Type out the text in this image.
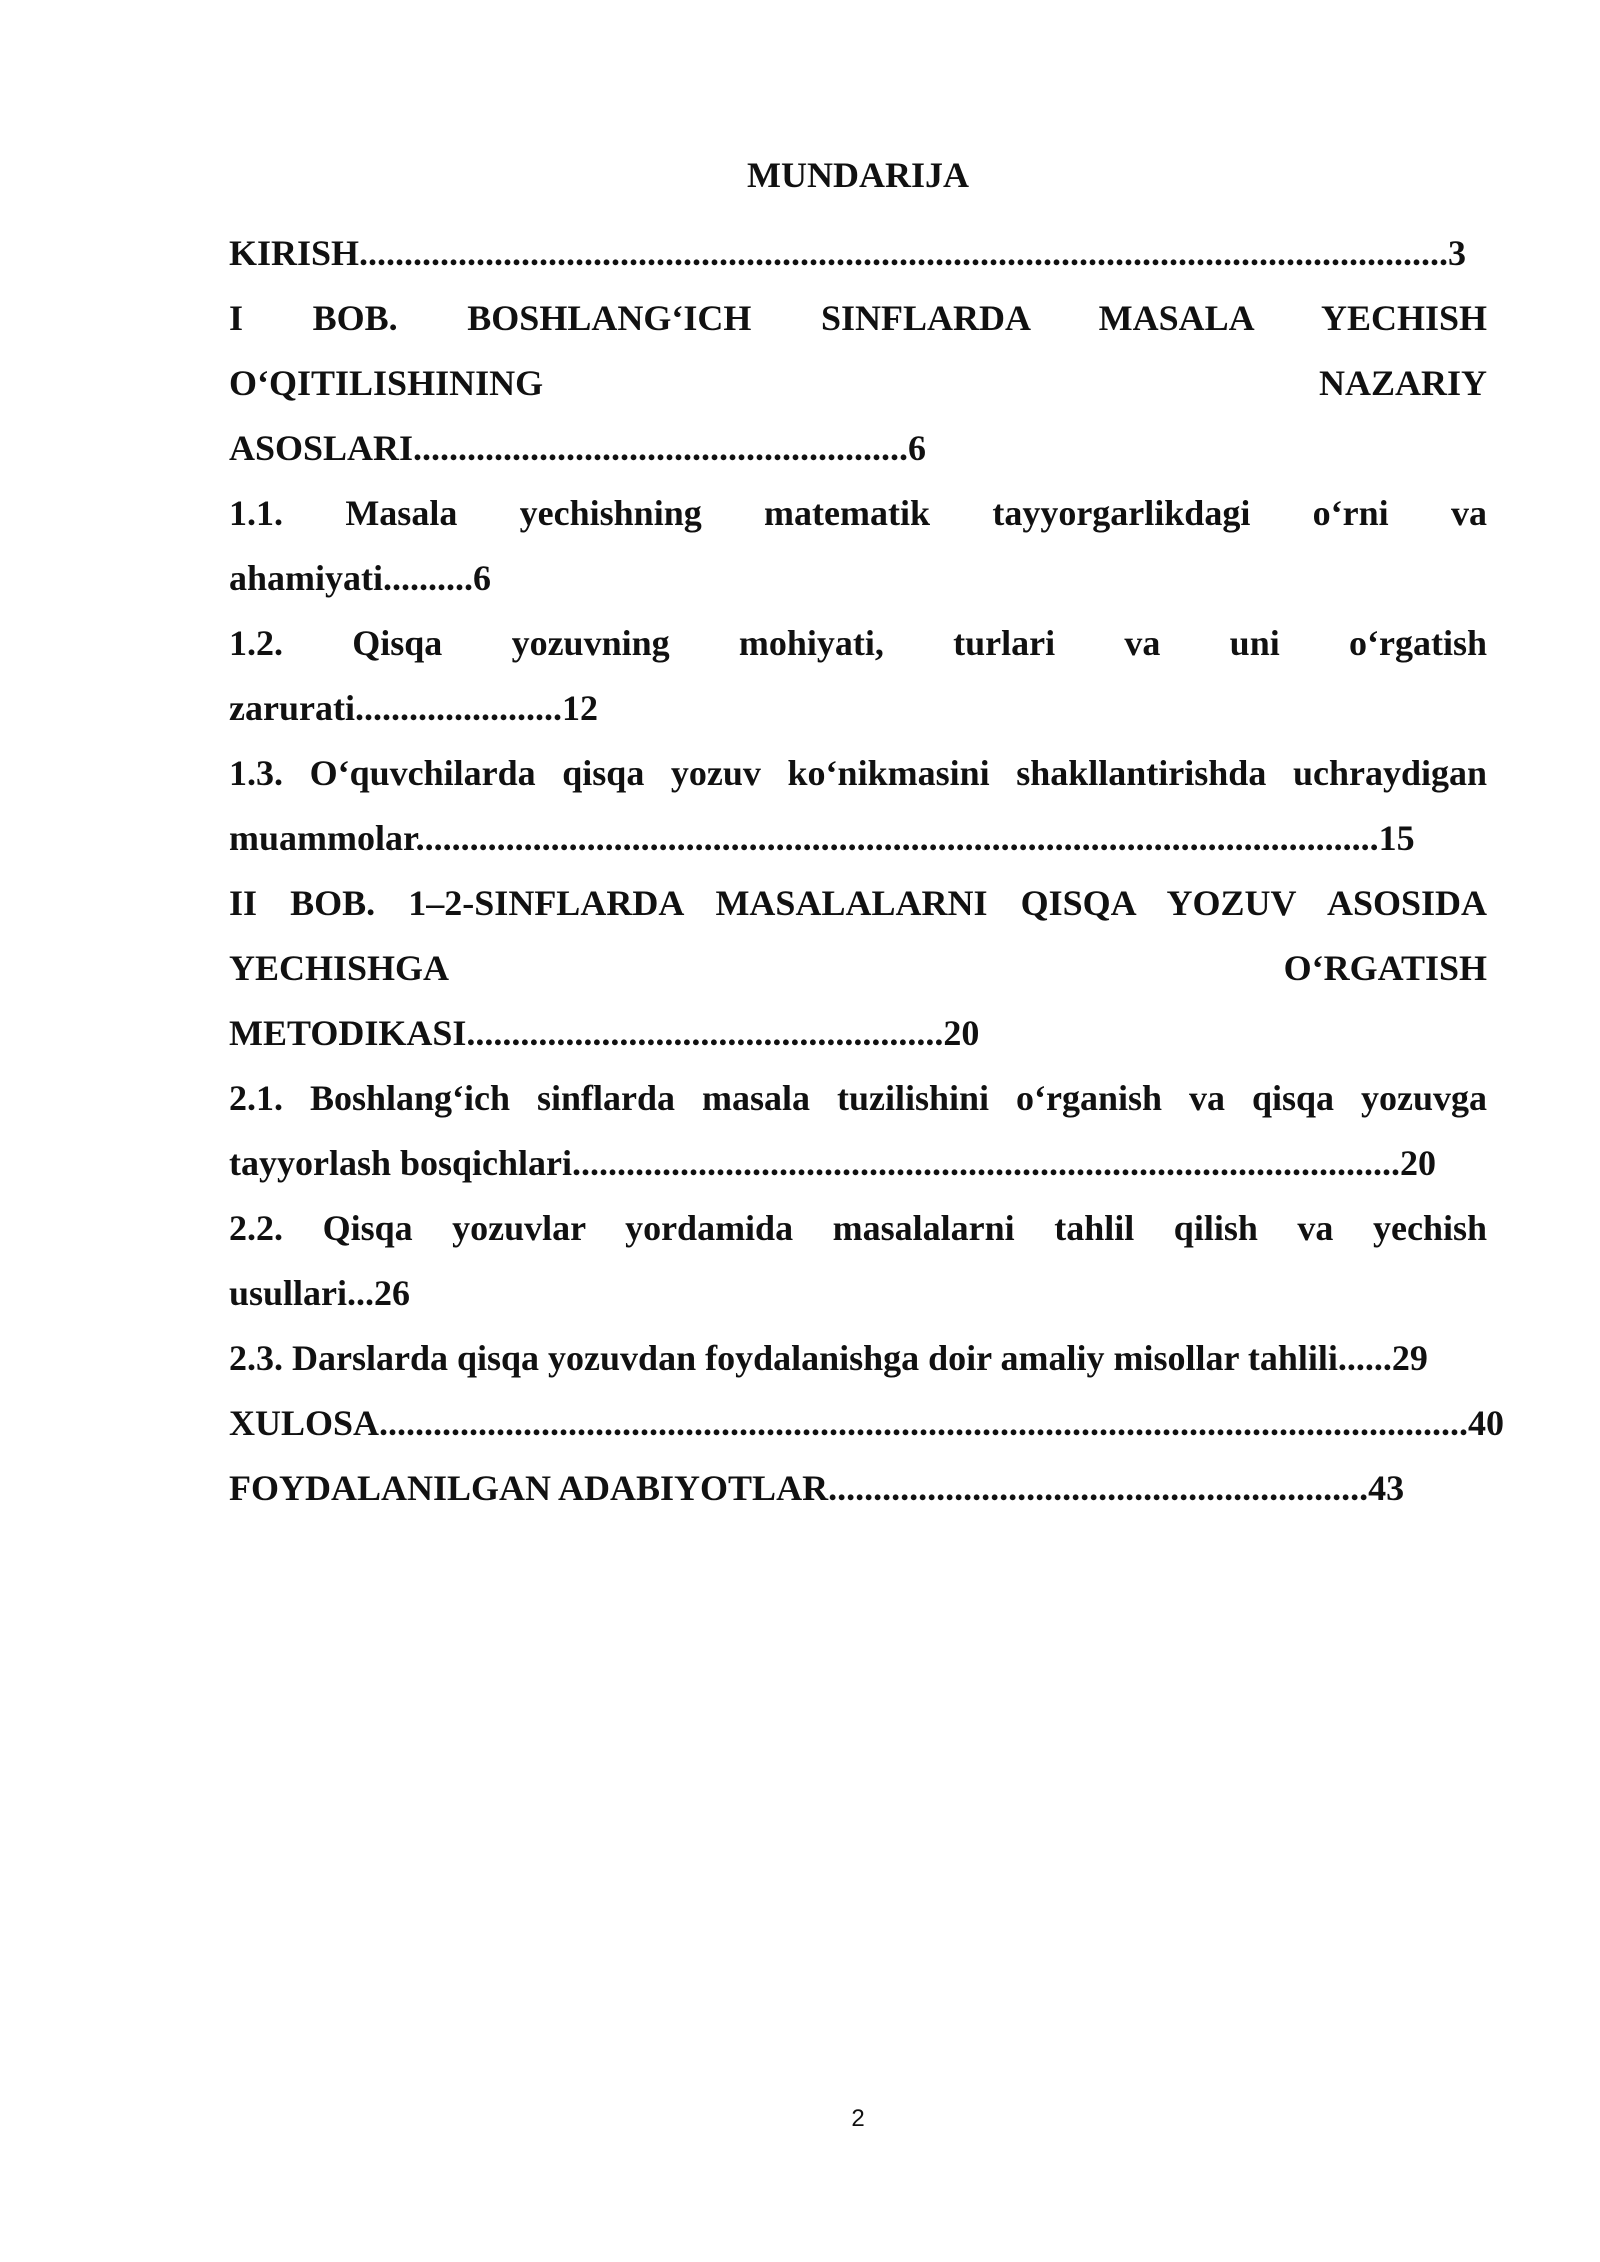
MUNDARIJA
KIRISH.........................................................................................................................3
I BOB. BOSHLANG‘ICH SINFLARDA MASALA YECHISH
O‘QITILISHINING NAZARIY
ASOSLARI.......................................................6
1.1. Masala yechishning matematik tayyorgarlikdagi o‘rni va
ahamiyati..........6
1.2. Qisqa yozuvning mohiyati, turlari va uni o‘rgatish
zarurati.......................12
1.3. O‘quvchilarda qisqa yozuv ko‘nikmasini shakllantirishda uchraydigan
muammolar...........................................................................................................15
II BOB. 1–2-SINFLARDA MASALALARNI QISQA YOZUV ASOSIDA
YECHISHGA O‘RGATISH
METODIKASI.....................................................20
2.1. Boshlang‘ich sinflarda masala tuzilishini o‘rganish va qisqa yozuvga
tayyorlash bosqichlari............................................................................................20
2.2. Qisqa yozuvlar yordamida masalalarni tahlil qilish va yechish
usullari...26
2.3. Darslarda qisqa yozuvdan foydalanishga doir amaliy misollar tahlili......29
XULOSA.........................................................................................................................40
FOYDALANILGAN ADABIYOTLAR............................................................43
2
